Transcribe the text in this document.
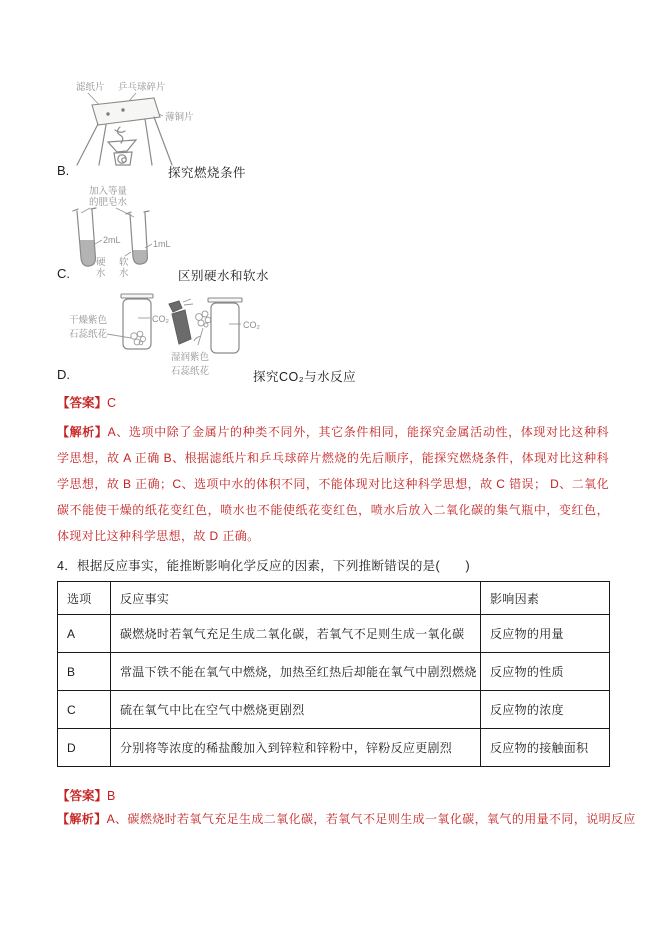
滤纸片 乒乓球碎片
薄铜片
B.	探究燃烧条件
加入等量
的肥皂水
2mL	1mL
硬
水
软
水
C.	区别硬水和软水
干燥紫色
石蕊纸花
CO₂
湿润紫色
石蕊纸花
CO₂
D.	探究CO₂与水反应
【答案】C
【解析】A、选项中除了金属片的种类不同外，其它条件相同，能探究金属活动性，体现对比这种科学思想，故 A 正确 B、根据滤纸片和乒乓球碎片燃烧的先后顺序，能探究燃烧条件，体现对比这种科学思想，故 B 正确；C、选项中水的体积不同，不能体现对比这种科学思想，故 C 错误； D、二氧化碳不能使干燥的纸花变红色，喷水也不能使纸花变红色，喷水后放入二氧化碳的集气瓶中，变红色，体现对比这种科学思想，故 D 正确。
4．根据反应事实，能推断影响化学反应的因素，下列推断错误的是(　　)
选项	反应事实	影响因素
A	碳燃烧时若氧气充足生成二氧化碳，若氧气不足则生成一氧化碳	反应物的用量
B	常温下铁不能在氧气中燃烧，加热至红热后却能在氧气中剧烈燃烧	反应物的性质
C	硫在氧气中比在空气中燃烧更剧烈	反应物的浓度
D	分别将等浓度的稀盐酸加入到锌粒和锌粉中，锌粉反应更剧烈	反应物的接触面积
【答案】B
【解析】A、碳燃烧时若氧气充足生成二氧化碳，若氧气不足则生成一氧化碳，氧气的用量不同，说明反应
